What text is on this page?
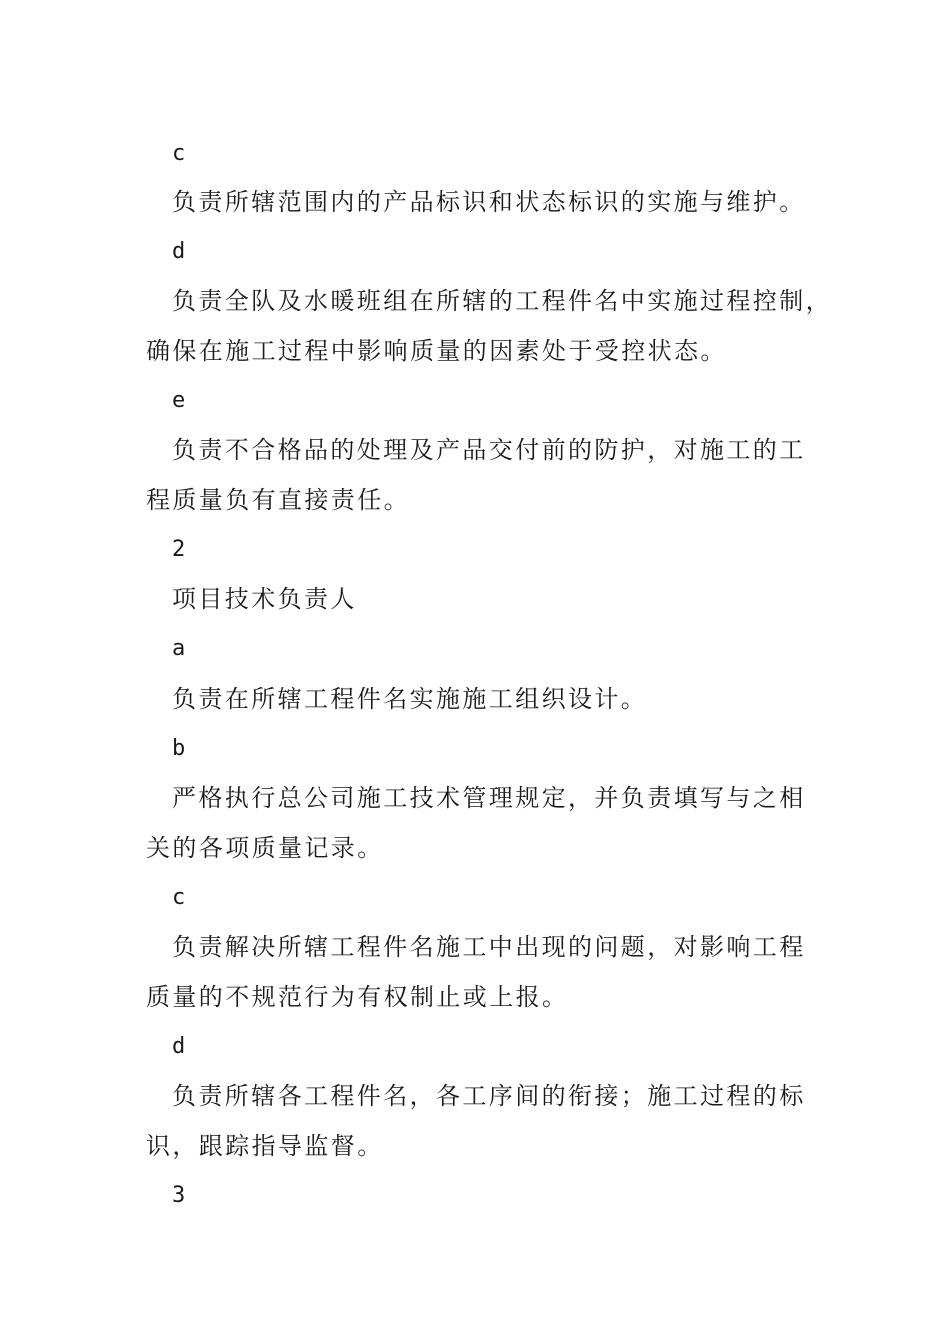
c
负责所辖范围内的产品标识和状态标识的实施与维护。
d
负责全队及水暖班组在所辖的工程件名中实施过程控制，
确保在施工过程中影响质量的因素处于受控状态。
e
负责不合格品的处理及产品交付前的防护，对施工的工
程质量负有直接责任。
2
项目技术负责人
a
负责在所辖工程件名实施施工组织设计。
b
严格执行总公司施工技术管理规定，并负责填写与之相
关的各项质量记录。
c
负责解决所辖工程件名施工中出现的问题，对影响工程
质量的不规范行为有权制止或上报。
d
负责所辖各工程件名，各工序间的衔接；施工过程的标
识，跟踪指导监督。
3
